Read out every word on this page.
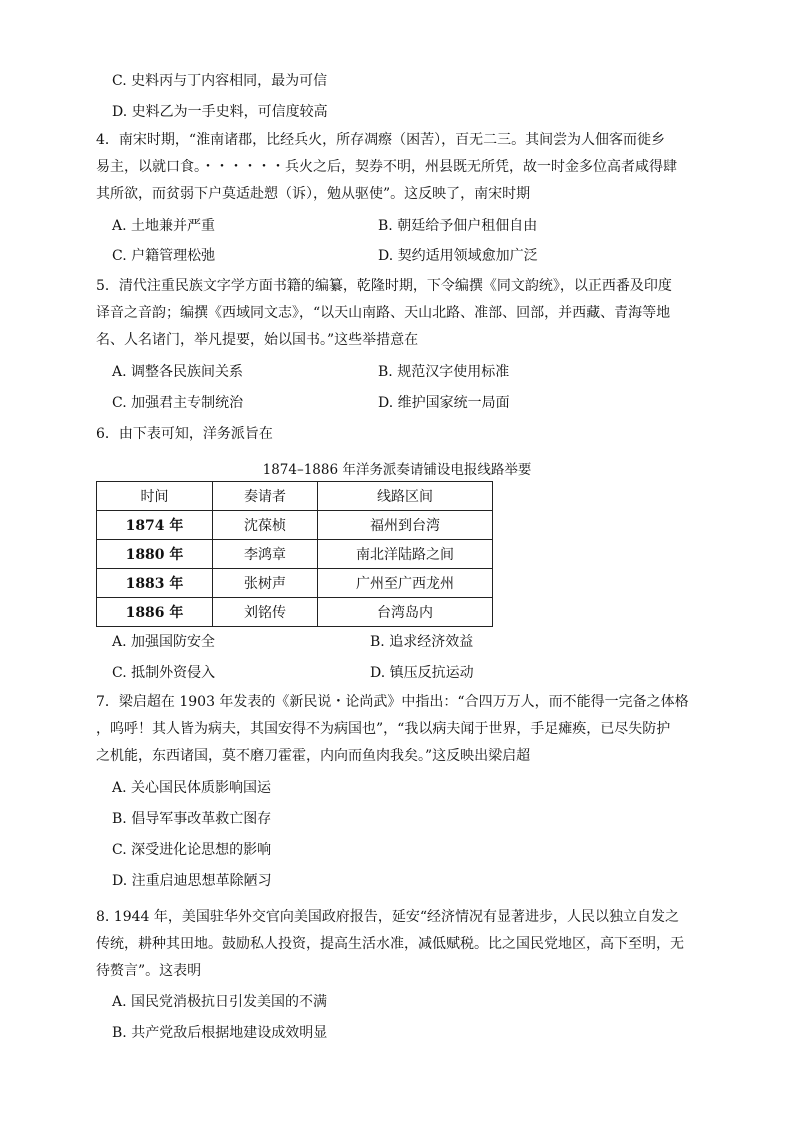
C. 史料丙与丁内容相同，最为可信
D. 史料乙为一手史料，可信度较高
4．南宋时期，“淮南诸郡，比经兵火，所存凋瘵（困苦），百无二三。其间尝为人佃客而徙乡
易主，以就口食。・・・・・・兵火之后，契券不明，州县既无所凭，故一时金多位高者咸得肆
其所欲，而贫弱下户莫适赴愬（诉），勉从驱使”。这反映了，南宋时期
A. 土地兼并严重	B. 朝廷给予佃户租佃自由
C. 户籍管理松弛	D. 契约适用领域愈加广泛
5．清代注重民族文字学方面书籍的编纂，乾隆时期，下令编撰《同文韵统》，以正西番及印度
译音之音韵；编撰《西域同文志》，“以天山南路、天山北路、准部、回部，并西藏、青海等地
名、人名诸门，举凡提要，始以国书。”这些举措意在
A. 调整各民族间关系	B. 规范汉字使用标准
C. 加强君主专制统治	D. 维护国家统一局面
6．由下表可知，洋务派旨在
1874–1886 年洋务派奏请铺设电报线路举要
时间	奏请者	线路区间
1874 年	沈葆桢	福州到台湾
1880 年	李鸿章	南北洋陆路之间
1883 年	张树声	广州至广西龙州
1886 年	刘铭传	台湾岛内
A. 加强国防安全	B. 追求经济效益
C. 抵制外资侵入	D. 镇压反抗运动
7．梁启超在 1903 年发表的《新民说・论尚武》中指出：“合四万万人，而不能得一完备之体格
，呜呼！其人皆为病夫，其国安得不为病国也”，“我以病夫闻于世界，手足瘫痪，已尽失防护
之机能，东西诸国，莫不磨刀霍霍，内向而鱼肉我矣。”这反映出梁启超
A. 关心国民体质影响国运
B. 倡导军事改革救亡图存
C. 深受进化论思想的影响
D. 注重启迪思想革除陋习
8. 1944 年，美国驻华外交官向美国政府报告，延安“经济情况有显著进步，人民以独立自发之
传统，耕种其田地。鼓励私人投资，提高生活水准，减低赋税。比之国民党地区，高下至明，无
待赘言”。这表明
A. 国民党消极抗日引发美国的不满
B. 共产党敌后根据地建设成效明显
